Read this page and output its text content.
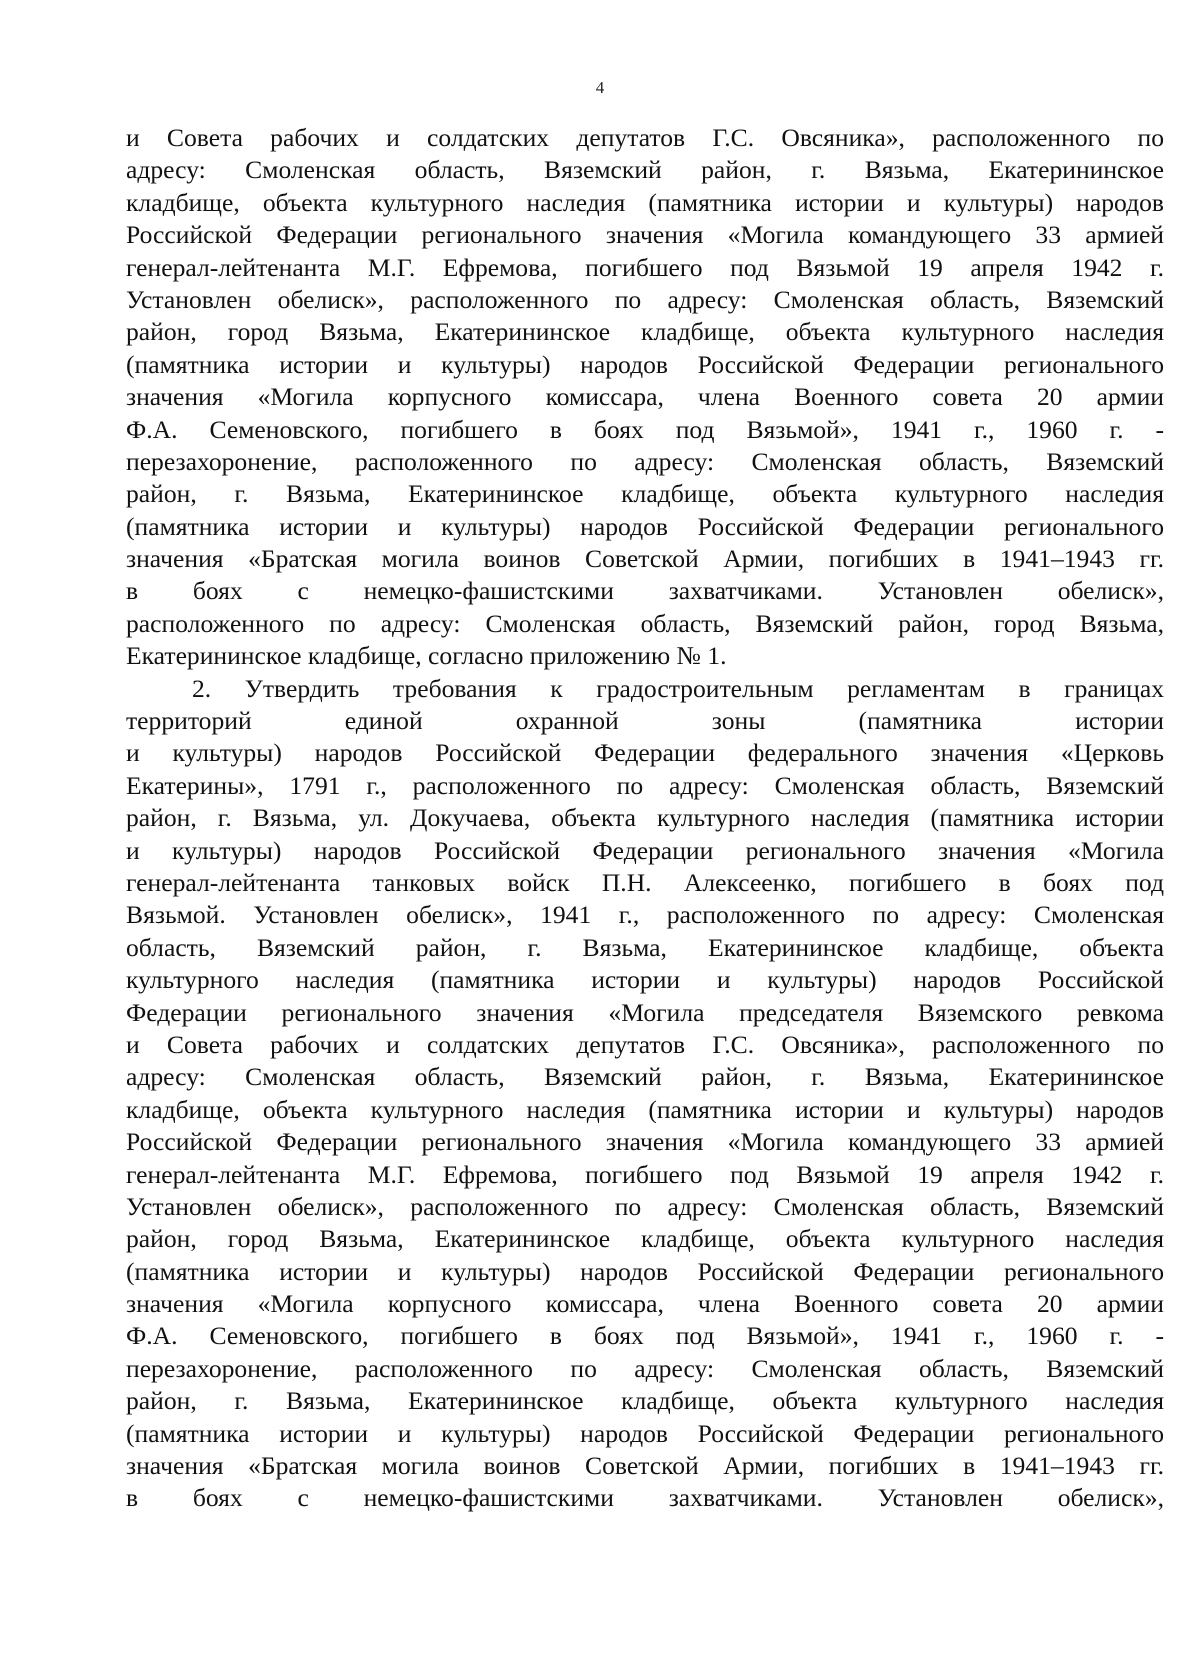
4
и Совета рабочих и солдатских депутатов Г.С. Овсяника», расположенного по
адресу: Смоленская область, Вяземский район, г. Вязьма, Екатерининское
кладбище, объекта культурного наследия (памятника истории и культуры) народов
Российской Федерации регионального значения «Могила командующего 33 армией
генерал-лейтенанта М.Г. Ефремова, погибшего под Вязьмой 19 апреля 1942 г.
Установлен обелиск», расположенного по адресу: Смоленская область, Вяземский
район, город Вязьма, Екатерининское кладбище, объекта культурного наследия
(памятника истории и культуры) народов Российской Федерации регионального
значения «Могила корпусного комиссара, члена Военного совета 20 армии
Ф.А. Семеновского, погибшего в боях под Вязьмой», 1941 г., 1960 г. -
перезахоронение, расположенного по адресу: Смоленская область, Вяземский
район, г. Вязьма, Екатерининское кладбище, объекта культурного наследия
(памятника истории и культуры) народов Российской Федерации регионального
значения «Братская могила воинов Советской Армии, погибших в 1941–1943 гг.
в боях с немецко-фашистскими захватчиками. Установлен обелиск»,
расположенного по адресу: Смоленская область, Вяземский район, город Вязьма,
Екатерининское кладбище, согласно приложению № 1.
2. Утвердить требования к градостроительным регламентам в границах
территорий единой охранной зоны (памятника истории
и культуры) народов Российской Федерации федерального значения «Церковь
Екатерины», 1791 г., расположенного по адресу: Смоленская область, Вяземский
район, г. Вязьма, ул. Докучаева, объекта культурного наследия (памятника истории
и культуры) народов Российской Федерации регионального значения «Могила
генерал-лейтенанта танковых войск П.Н. Алексеенко, погибшего в боях под
Вязьмой. Установлен обелиск», 1941 г., расположенного по адресу: Смоленская
область, Вяземский район, г. Вязьма, Екатерининское кладбище, объекта
культурного наследия (памятника истории и культуры) народов Российской
Федерации регионального значения «Могила председателя Вяземского ревкома
и Совета рабочих и солдатских депутатов Г.С. Овсяника», расположенного по
адресу: Смоленская область, Вяземский район, г. Вязьма, Екатерининское
кладбище, объекта культурного наследия (памятника истории и культуры) народов
Российской Федерации регионального значения «Могила командующего 33 армией
генерал-лейтенанта М.Г. Ефремова, погибшего под Вязьмой 19 апреля 1942 г.
Установлен обелиск», расположенного по адресу: Смоленская область, Вяземский
район, город Вязьма, Екатерининское кладбище, объекта культурного наследия
(памятника истории и культуры) народов Российской Федерации регионального
значения «Могила корпусного комиссара, члена Военного совета 20 армии
Ф.А. Семеновского, погибшего в боях под Вязьмой», 1941 г., 1960 г. -
перезахоронение, расположенного по адресу: Смоленская область, Вяземский
район, г. Вязьма, Екатерининское кладбище, объекта культурного наследия
(памятника истории и культуры) народов Российской Федерации регионального
значения «Братская могила воинов Советской Армии, погибших в 1941–1943 гг.
в боях с немецко-фашистскими захватчиками. Установлен обелиск»,
